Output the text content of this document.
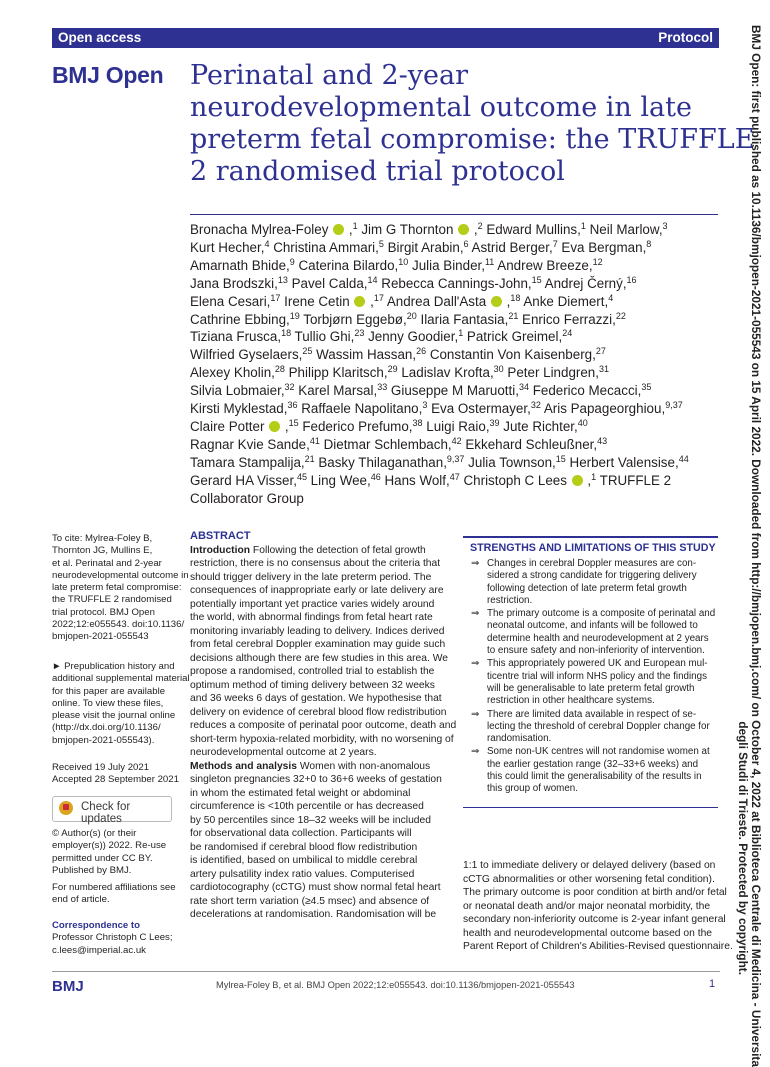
Open access	Protocol
BMJ Open Perinatal and 2-year
neurodevelopmental outcome in late
preterm fetal compromise: the TRUFFLE
2 randomised trial protocol
Bronacha Mylrea-Foley  ,$^1$ Jim G Thornton  ,$^2$ Edward Mullins,$^1$ Neil Marlow,$^3$
Kurt Hecher,$^4$ Christina Ammari,$^5$ Birgit Arabin,$^6$ Astrid Berger,$^7$ Eva Bergman,$^8$
Amarnath Bhide,$^9$ Caterina Bilardo,$^{10}$ Julia Binder,$^{11}$ Andrew Breeze,$^{12}$
Jana Brodszki,$^{13}$ Pavel Calda,$^{14}$ Rebecca Cannings-John,$^{15}$ Andrej Černý,$^{16}$
Elena Cesari,$^{17}$ Irene Cetin  ,$^{17}$ Andrea Dall'Asta  ,$^{18}$ Anke Diemert,$^4$
Cathrine Ebbing,$^{19}$ Torbjørn Eggebø,$^{20}$ Ilaria Fantasia,$^{21}$ Enrico Ferrazzi,$^{22}$
Tiziana Frusca,$^{18}$ Tullio Ghi,$^{23}$ Jenny Goodier,$^1$ Patrick Greimel,$^{24}$
Wilfried Gyselaers,$^{25}$ Wassim Hassan,$^{26}$ Constantin Von Kaisenberg,$^{27}$
Alexey Kholin,$^{28}$ Philipp Klaritsch,$^{29}$ Ladislav Krofta,$^{30}$ Peter Lindgren,$^{31}$
Silvia Lobmaier,$^{32}$ Karel Marsal,$^{33}$ Giuseppe M Maruotti,$^{34}$ Federico Mecacci,$^{35}$
Kirsti Myklestad,$^{36}$ Raffaele Napolitano,$^3$ Eva Ostermayer,$^{32}$ Aris Papageorghiou,$^{9,37}$
Claire Potter  ,$^{15}$ Federico Prefumo,$^{38}$ Luigi Raio,$^{39}$ Jute Richter,$^{40}$
Ragnar Kvie Sande,$^{41}$ Dietmar Schlembach,$^{42}$ Ekkehard Schleußner,$^{43}$
Tamara Stampalija,$^{21}$ Basky Thilaganathan,$^{9,37}$ Julia Townson,$^{15}$ Herbert Valensise,$^{44}$
Gerard HA Visser,$^{45}$ Ling Wee,$^{46}$ Hans Wolf,$^{47}$ Christoph C Lees  ,$^1$ TRUFFLE 2
Collaborator Group
To cite: Mylrea-Foley B,
Thornton JG, Mullins E,
et al. Perinatal and 2-year
neurodevelopmental outcome in
late preterm fetal compromise:
the TRUFFLE 2 randomised
trial protocol. BMJ Open
2022;12:e055543. doi:10.1136/
bmjopen-2021-055543
► Prepublication history and
additional supplemental material
for this paper are available
online. To view these files,
please visit the journal online
(http://dx.doi.org/10.1136/
bmjopen-2021-055543).
Received 19 July 2021
Accepted 28 September 2021
Check for updates
© Author(s) (or their
employer(s)) 2022. Re-use
permitted under CC BY.
Published by BMJ.
For numbered affiliations see
end of article.
Correspondence to
Professor Christoph C Lees;
c.lees@imperial.ac.uk
ABSTRACT
Introduction Following the detection of fetal growth
restriction, there is no consensus about the criteria that
should trigger delivery in the late preterm period. The
consequences of inappropriate early or late delivery are
potentially important yet practice varies widely around
the world, with abnormal findings from fetal heart rate
monitoring invariably leading to delivery. Indices derived
from fetal cerebral Doppler examination may guide such
decisions although there are few studies in this area. We
propose a randomised, controlled trial to establish the
optimum method of timing delivery between 32 weeks
and 36 weeks 6 days of gestation. We hypothesise that
delivery on evidence of cerebral blood flow redistribution
reduces a composite of perinatal poor outcome, death and
short-term hypoxia-related morbidity, with no worsening of
neurodevelopmental outcome at 2 years.
Methods and analysis Women with non-anomalous
singleton pregnancies 32+0 to 36+6 weeks of gestation
in whom the estimated fetal weight or abdominal
circumference is <10th percentile or has decreased
by 50 percentiles since 18–32 weeks will be included
for observational data collection. Participants will
be randomised if cerebral blood flow redistribution
is identified, based on umbilical to middle cerebral
artery pulsatility index ratio values. Computerised
cardiotocography (cCTG) must show normal fetal heart
rate short term variation (≥4.5 msec) and absence of
decelerations at randomisation. Randomisation will be
STRENGTHS AND LIMITATIONS OF THIS STUDY
⇒ Changes in cerebral Doppler measures are con-
sidered a strong candidate for triggering delivery
following detection of late preterm fetal growth
restriction.
⇒ The primary outcome is a composite of perinatal and
neonatal outcome, and infants will be followed to
determine health and neurodevelopment at 2 years
to ensure safety and non-inferiority of intervention.
⇒ This appropriately powered UK and European mul-
ticentre trial will inform NHS policy and the findings
will be generalisable to late preterm fetal growth
restriction in other healthcare systems.
⇒ There are limited data available in respect of se-
lecting the threshold of cerebral Doppler change for
randomisation.
⇒ Some non-UK centres will not randomise women at
the earlier gestation range (32–33+6 weeks) and
this could limit the generalisability of the results in
this group of women.
1:1 to immediate delivery or delayed delivery (based on
cCTG abnormalities or other worsening fetal condition).
The primary outcome is poor condition at birth and/or fetal
or neonatal death and/or major neonatal morbidity, the
secondary non-inferiority outcome is 2-year infant general
health and neurodevelopmental outcome based on the
Parent Report of Children's Abilities-Revised questionnaire.
BMJ	Mylrea-Foley B, et al. BMJ Open 2022;12:e055543. doi:10.1136/bmjopen-2021-055543	1	BMJ Open: first published as 10.1136/bmjopen-2021-055543 on 15 April 2022. Downloaded from http://bmjopen.bmj.com/ on October 4, 2022 at Biblioteca Centrale di Medicina - Universita
degli Studi di Trieste. Protected by copyright.
